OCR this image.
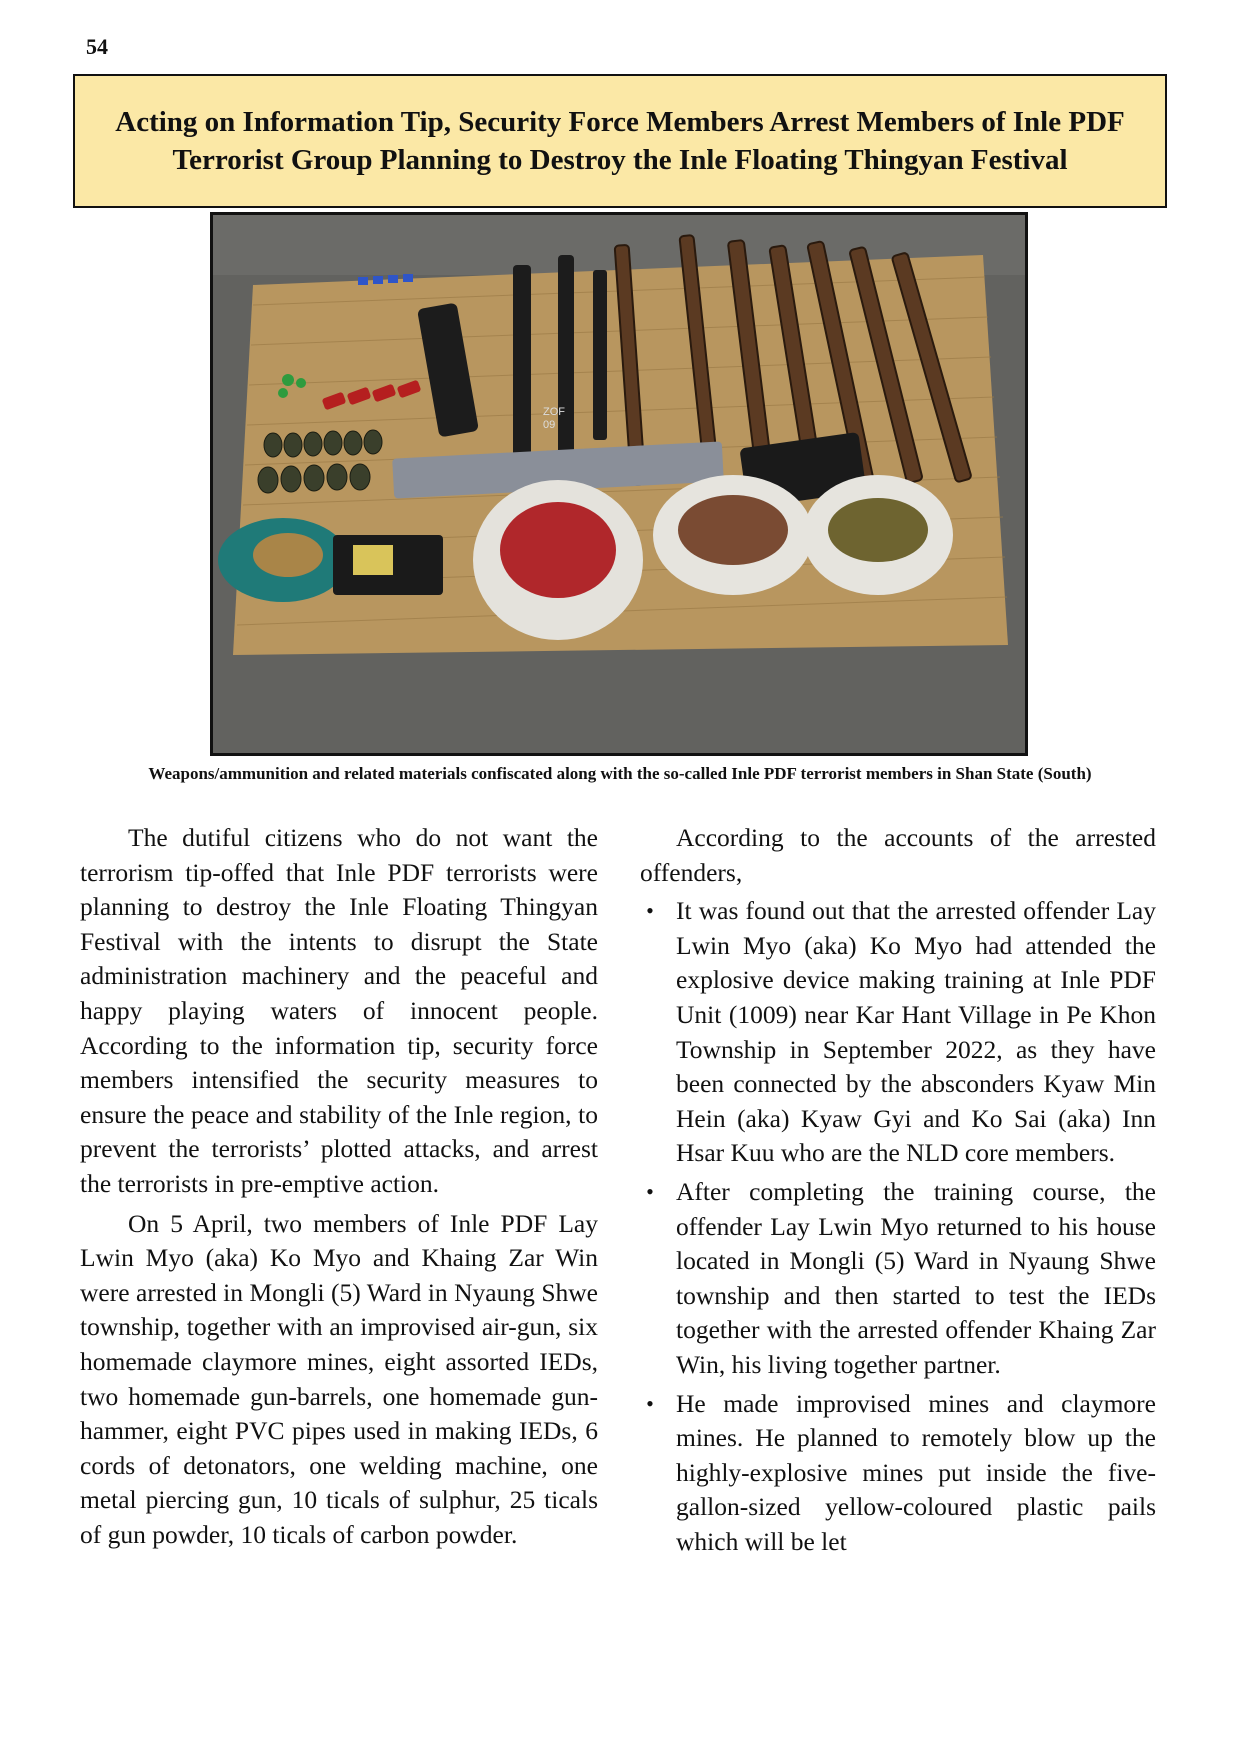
54
Acting on Information Tip, Security Force Members Arrest Members of Inle PDF Terrorist Group Planning to Destroy the Inle Floating Thingyan Festival
ZOF
09
Weapons/ammunition and related materials confiscated along with the so-called Inle PDF terrorist members in Shan State (South)

The dutiful citizens who do not want the terrorism tip-offed that Inle PDF terrorists were planning to destroy the Inle Floating Thingyan Festival with the intents to disrupt the State administration machinery and the peaceful and happy playing waters of innocent people. According to the information tip, security force members intensified the security measures to ensure the peace and stability of the Inle region, to prevent the terrorists’ plotted attacks, and arrest the terrorists in pre-emptive action.

On 5 April, two members of Inle PDF Lay Lwin Myo (aka) Ko Myo and Khaing Zar Win were arrested in Mongli (5) Ward in Nyaung Shwe township, together with an improvised air-gun, six homemade claymore mines, eight assorted IEDs, two homemade gun-barrels, one homemade gun-hammer, eight PVC pipes used in making IEDs, 6 cords of detonators, one welding machine, one metal piercing gun, 10 ticals of sulphur, 25 ticals of gun powder, 10 ticals of carbon powder.

According to the accounts of the arrested offenders,

• It was found out that the arrested offender Lay Lwin Myo (aka) Ko Myo had attended the explosive device making training at Inle PDF Unit (1009) near Kar Hant Village in Pe Khon Township in September 2022, as they have been connected by the absconders Kyaw Min Hein (aka) Kyaw Gyi and Ko Sai (aka) Inn Hsar Kuu who are the NLD core members.
• After completing the training course, the offender Lay Lwin Myo returned to his house located in Mongli (5) Ward in Nyaung Shwe township and then started to test the IEDs together with the arrested offender Khaing Zar Win, his living together partner.
• He made improvised mines and claymore mines. He planned to remotely blow up the highly-explosive mines put inside the five-gallon-sized yellow-coloured plastic pails which will be let
